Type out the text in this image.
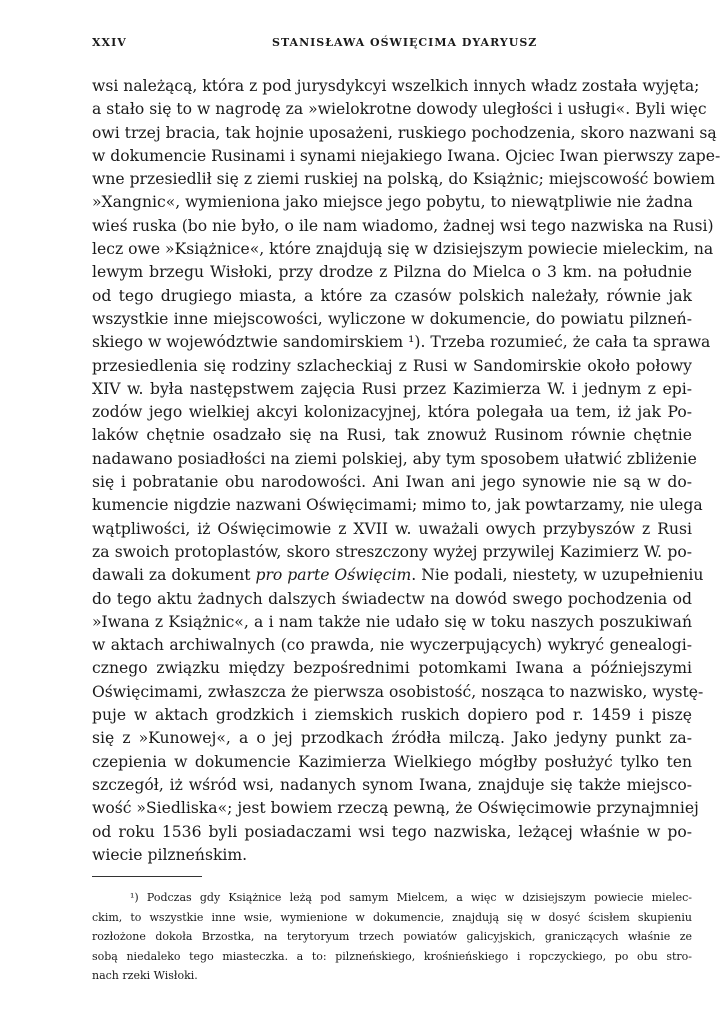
XXIV	STANISŁAWA OŚWIĘCIMA DYARYUSZ
wsi należącą, która z pod jurysdykcyi wszelkich innych władz została wyjęta;
a stało się to w nagrodę za »wielokrotne dowody uległości i usługi«. Byli więc
owi trzej bracia, tak hojnie uposażeni, ruskiego pochodzenia, skoro nazwani są
w dokumencie Rusinami i synami niejakiego Iwana. Ojciec Iwan pierwszy zape-
wne przesiedlił się z ziemi ruskiej na polską, do Książnic; miejscowość bowiem
»Xangnic«, wymieniona jako miejsce jego pobytu, to niewątpliwie nie żadna
wieś ruska (bo nie było, o ile nam wiadomo, żadnej wsi tego nazwiska na Rusi)
lecz owe »Książnice«, które znajdują się w dzisiejszym powiecie mieleckim, na
lewym brzegu Wisłoki, przy drodze z Pilzna do Mielca o 3 km. na południe
od tego drugiego miasta, a które za czasów polskich należały, równie jak
wszystkie inne miejscowości, wyliczone w dokumencie, do powiatu pilzneń-
skiego w województwie sandomirskiem ¹). Trzeba rozumieć, że cała ta sprawa
przesiedlenia się rodziny szlacheckiaj z Rusi w Sandomirskie około połowy
XIV w. była następstwem zajęcia Rusi przez Kazimierza W. i jednym z epi-
zodów jego wielkiej akcyi kolonizacyjnej, która polegała ua tem, iż jak Po-
laków chętnie osadzało się na Rusi, tak znowuż Rusinom równie chętnie
nadawano posiadłości na ziemi polskiej, aby tym sposobem ułatwić zbliżenie
się i pobratanie obu narodowości. Ani Iwan ani jego synowie nie są w do-
kumencie nigdzie nazwani Oświęcimami; mimo to, jak powtarzamy, nie ulega
wątpliwości, iż Oświęcimowie z XVII w. uważali owych przybyszów z Rusi
za swoich protoplastów, skoro streszczony wyżej przywilej Kazimierz W. po-
dawali za dokument pro parte Oświęcim. Nie podali, niestety, w uzupełnieniu
do tego aktu żadnych dalszych świadectw na dowód swego pochodzenia od
»Iwana z Książnic«, a i nam także nie udało się w toku naszych poszukiwań
w aktach archiwalnych (co prawda, nie wyczerpujących) wykryć genealogi-
cznego związku między bezpośrednimi potomkami Iwana a późniejszymi
Oświęcimami, zwłaszcza że pierwsza osobistość, nosząca to nazwisko, wystę-
puje w aktach grodzkich i ziemskich ruskich dopiero pod r. 1459 i piszę
się z »Kunowej«, a o jej przodkach źródła milczą. Jako jedyny punkt za-
czepienia w dokumencie Kazimierza Wielkiego mógłby posłużyć tylko ten
szczegół, iż wśród wsi, nadanych synom Iwana, znajduje się także miejsco-
wość »Siedliska«; jest bowiem rzeczą pewną, że Oświęcimowie przynajmniej
od roku 1536 byli posiadaczami wsi tego nazwiska, leżącej właśnie w po-
wiecie pilzneńskim.
¹) Podczas gdy Książnice leżą pod samym Mielcem, a więc w dzisiejszym powiecie mielec-
ckim, to wszystkie inne wsie, wymienione w dokumencie, znajdują się w dosyć ścisłem skupieniu
rozłożone dokoła Brzostka, na terytoryum trzech powiatów galicyjskich, graniczących właśnie ze
sobą niedaleko tego miasteczka. a to: pilzneńskiego, krośnieńskiego i ropczyckiego, po obu stro-
nach rzeki Wisłoki.
